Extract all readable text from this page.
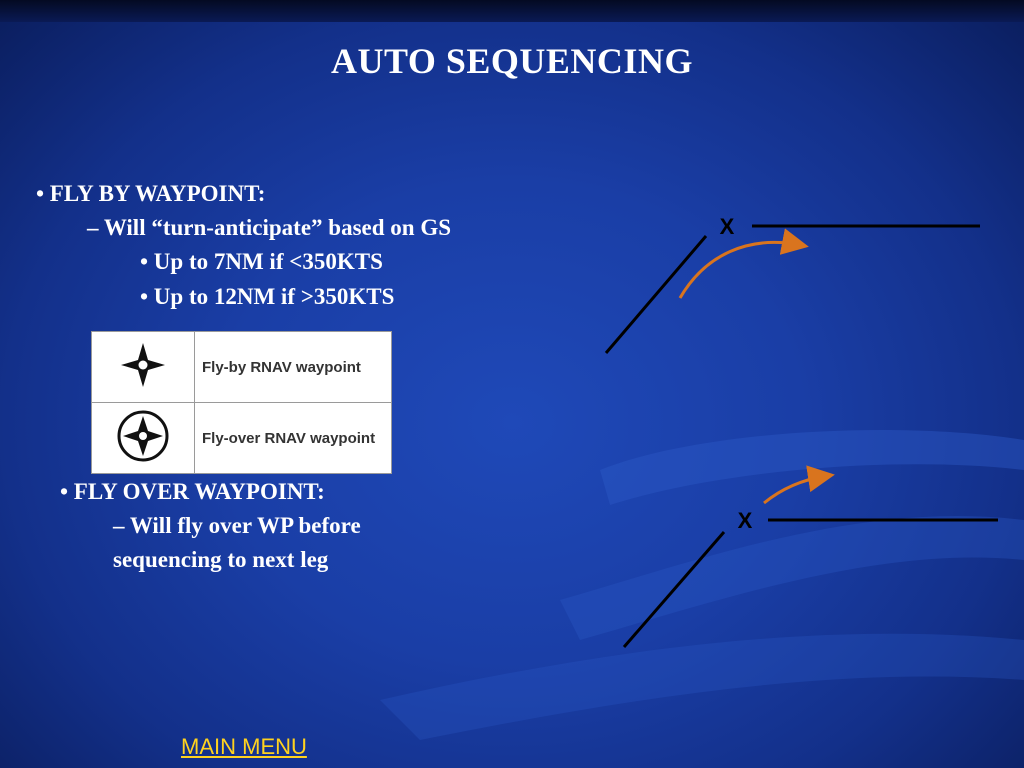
AUTO SEQUENCING
• FLY BY WAYPOINT:
– Will “turn-anticipate” based on GS
• Up to 7NM if <350KTS
• Up to 12NM if >350KTS
	Fly-by RNAV waypoint
	Fly-over RNAV waypoint
• FLY OVER WAYPOINT:
– Will fly over WP before
sequencing to next leg
X
X
MAIN MENU
